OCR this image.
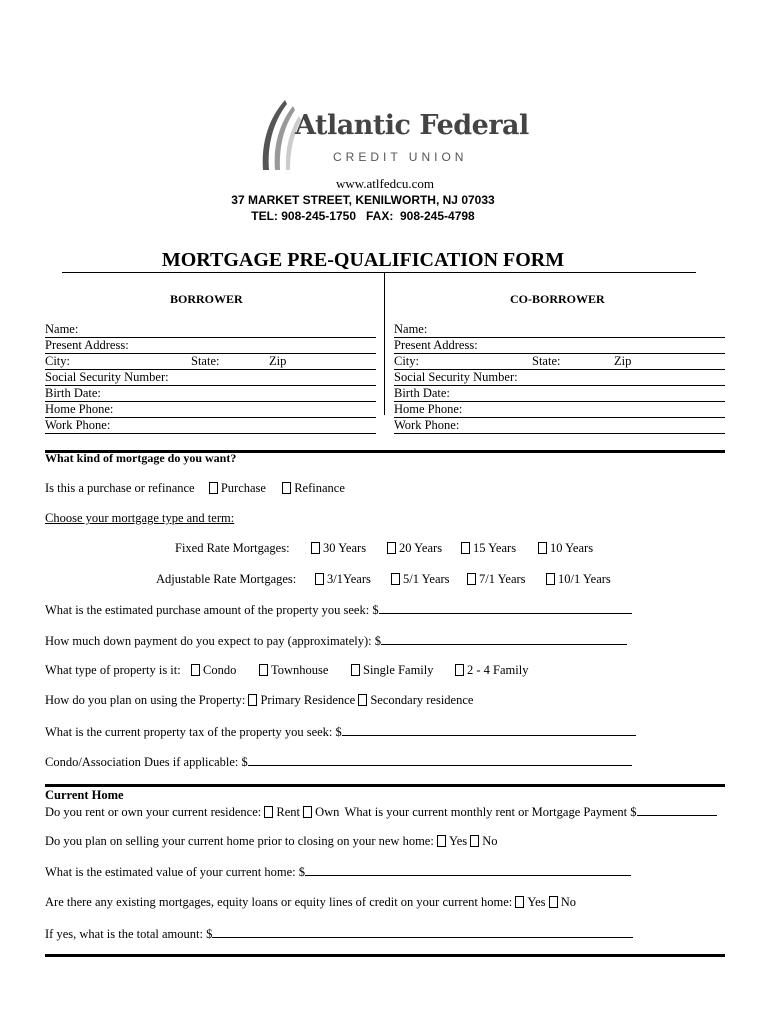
Atlantic Federal
CREDIT UNION
www.atlfedcu.com
37 MARKET STREET, KENILWORTH, NJ 07033
TEL: 908-245-1750   FAX:  908-245-4798
MORTGAGE PRE-QUALIFICATION FORM
BORROWER
Name:
Present Address:
City:	State:	Zip
Social Security Number:
Birth Date:
Home Phone:
Work Phone:
CO-BORROWER
Name:
Present Address:
City:	State:	Zip
Social Security Number:
Birth Date:
Home Phone:
Work Phone:
What kind of mortgage do you want?
Is this a purchase or refinance Purchase Refinance
Choose your mortgage type and term:
Fixed Rate Mortgages:	30 Years	20 Years	15 Years	10 Years
Adjustable Rate Mortgages:	3/1Years	5/1 Years	7/1 Years	10/1 Years
What is the estimated purchase amount of the property you seek: $
How much down payment do you expect to pay (approximately): $
What type of property is it:	Condo	Townhouse	Single Family	2 - 4 Family
How do you plan on using the Property: Primary Residence Secondary residence
What is the current property tax of the property you seek: $
Condo/Association Dues if applicable: $
Current Home
Do you rent or own your current residence: Rent Own What is your current monthly rent or Mortgage Payment $
Do you plan on selling your current home prior to closing on your new home: Yes No
What is the estimated value of your current home: $
Are there any existing mortgages, equity loans or equity lines of credit on your current home: Yes No
If yes, what is the total amount: $
